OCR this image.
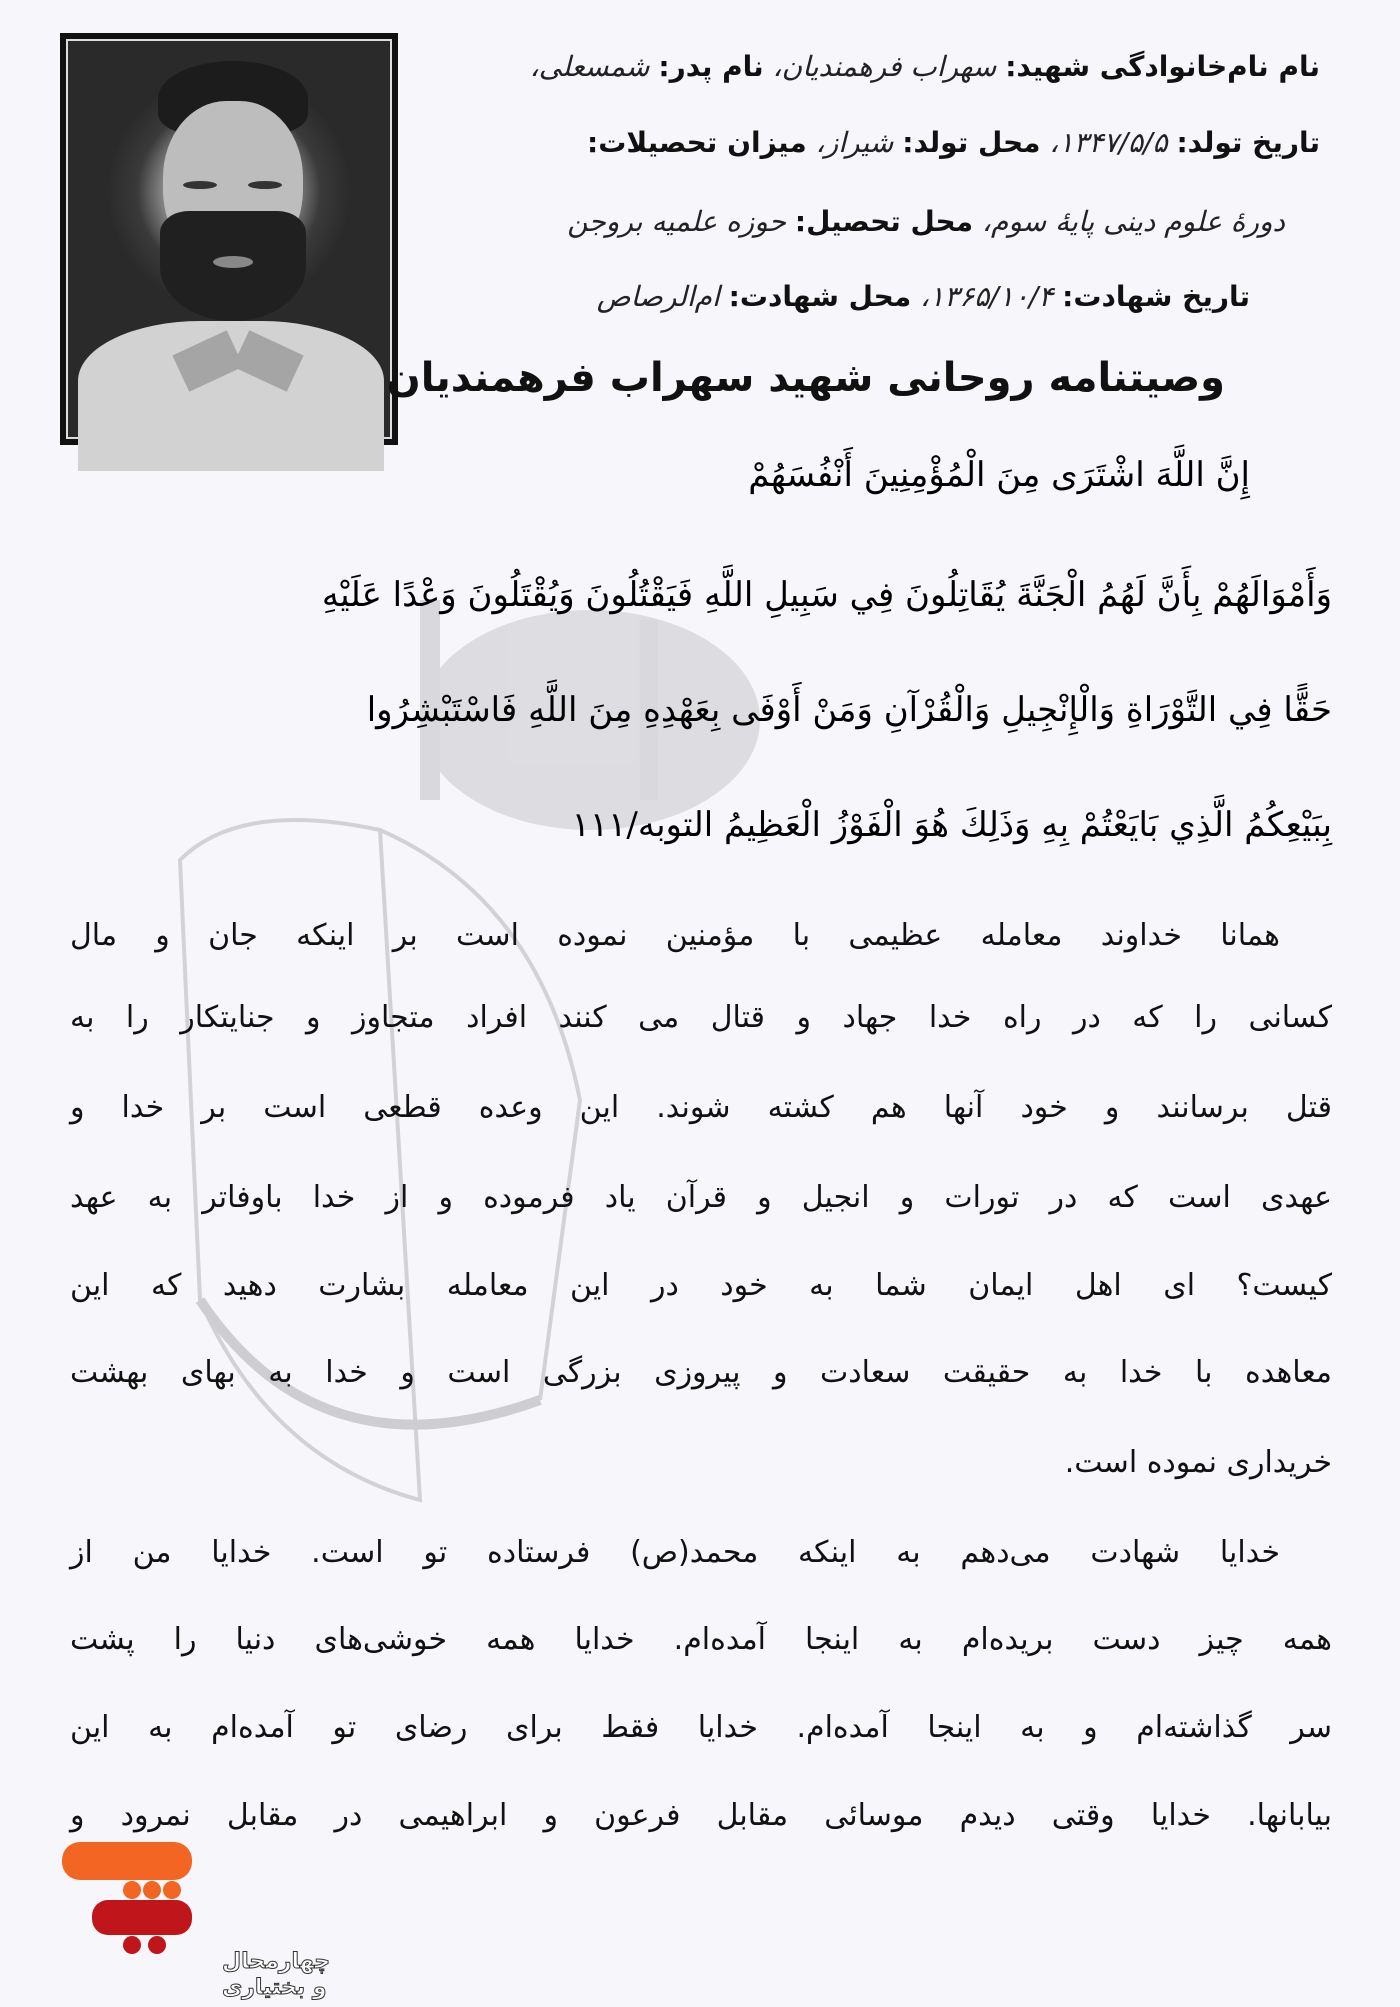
نام نام‌خانوادگی شهید: سهراب فرهمندیان، نام پدر: شمسعلی،
تاریخ تولد: ۱۳۴۷/۵/۵، محل تولد: شیراز، میزان تحصیلات:
دورهٔ علوم دینی پایهٔ سوم، محل تحصیل: حوزه علمیه بروجن
تاریخ شهادت: ۱۳۶۵/۱۰/۴، محل شهادت: ام‌الرصاص
وصیتنامه روحانی شهید سهراب فرهمندیان
إِنَّ اللَّهَ اشْتَرَى مِنَ الْمُؤْمِنِينَ أَنْفُسَهُمْ
وَأَمْوَالَهُمْ بِأَنَّ لَهُمُ الْجَنَّةَ يُقَاتِلُونَ فِي سَبِيلِ اللَّهِ فَيَقْتُلُونَ وَيُقْتَلُونَ وَعْدًا عَلَيْهِ
حَقًّا فِي التَّوْرَاةِ وَالْإِنْجِيلِ وَالْقُرْآنِ وَمَنْ أَوْفَى بِعَهْدِهِ مِنَ اللَّهِ فَاسْتَبْشِرُوا
بِبَيْعِكُمُ الَّذِي بَايَعْتُمْ بِهِ وَذَلِكَ هُوَ الْفَوْزُ الْعَظِيمُ التوبه/۱۱۱
همانا خداوند معامله عظیمی با مؤمنین نموده است بر اینکه جان و مال
کسانی را که در راه خدا جهاد و قتال می کنند افراد متجاوز و جنایتکار را به
قتل برسانند و خود آنها هم کشته شوند. این وعده قطعی است بر خدا و
عهدی است که در تورات و انجیل و قرآن یاد فرموده و از خدا باوفاتر به عهد
کیست؟ ای اهل ایمان شما به خود در این معامله بشارت دهید که این
معاهده با خدا به حقیقت سعادت و پیروزی بزرگی است و خدا به بهای بهشت
خریداری نموده است.
خدایا شهادت می‌دهم به اینکه محمد(ص) فرستاده تو است. خدایا من از
همه چیز دست بریده‌ام به اینجا آمده‌ام. خدایا همه خوشی‌های دنیا را پشت
سر گذاشته‌ام و به اینجا آمده‌ام. خدایا فقط برای رضای تو آمده‌ام به این
بیابانها. خدایا وقتی دیدم موسائی مقابل فرعون و ابراهیمی در مقابل نمرود و
چهارمحال
و بختیاری
